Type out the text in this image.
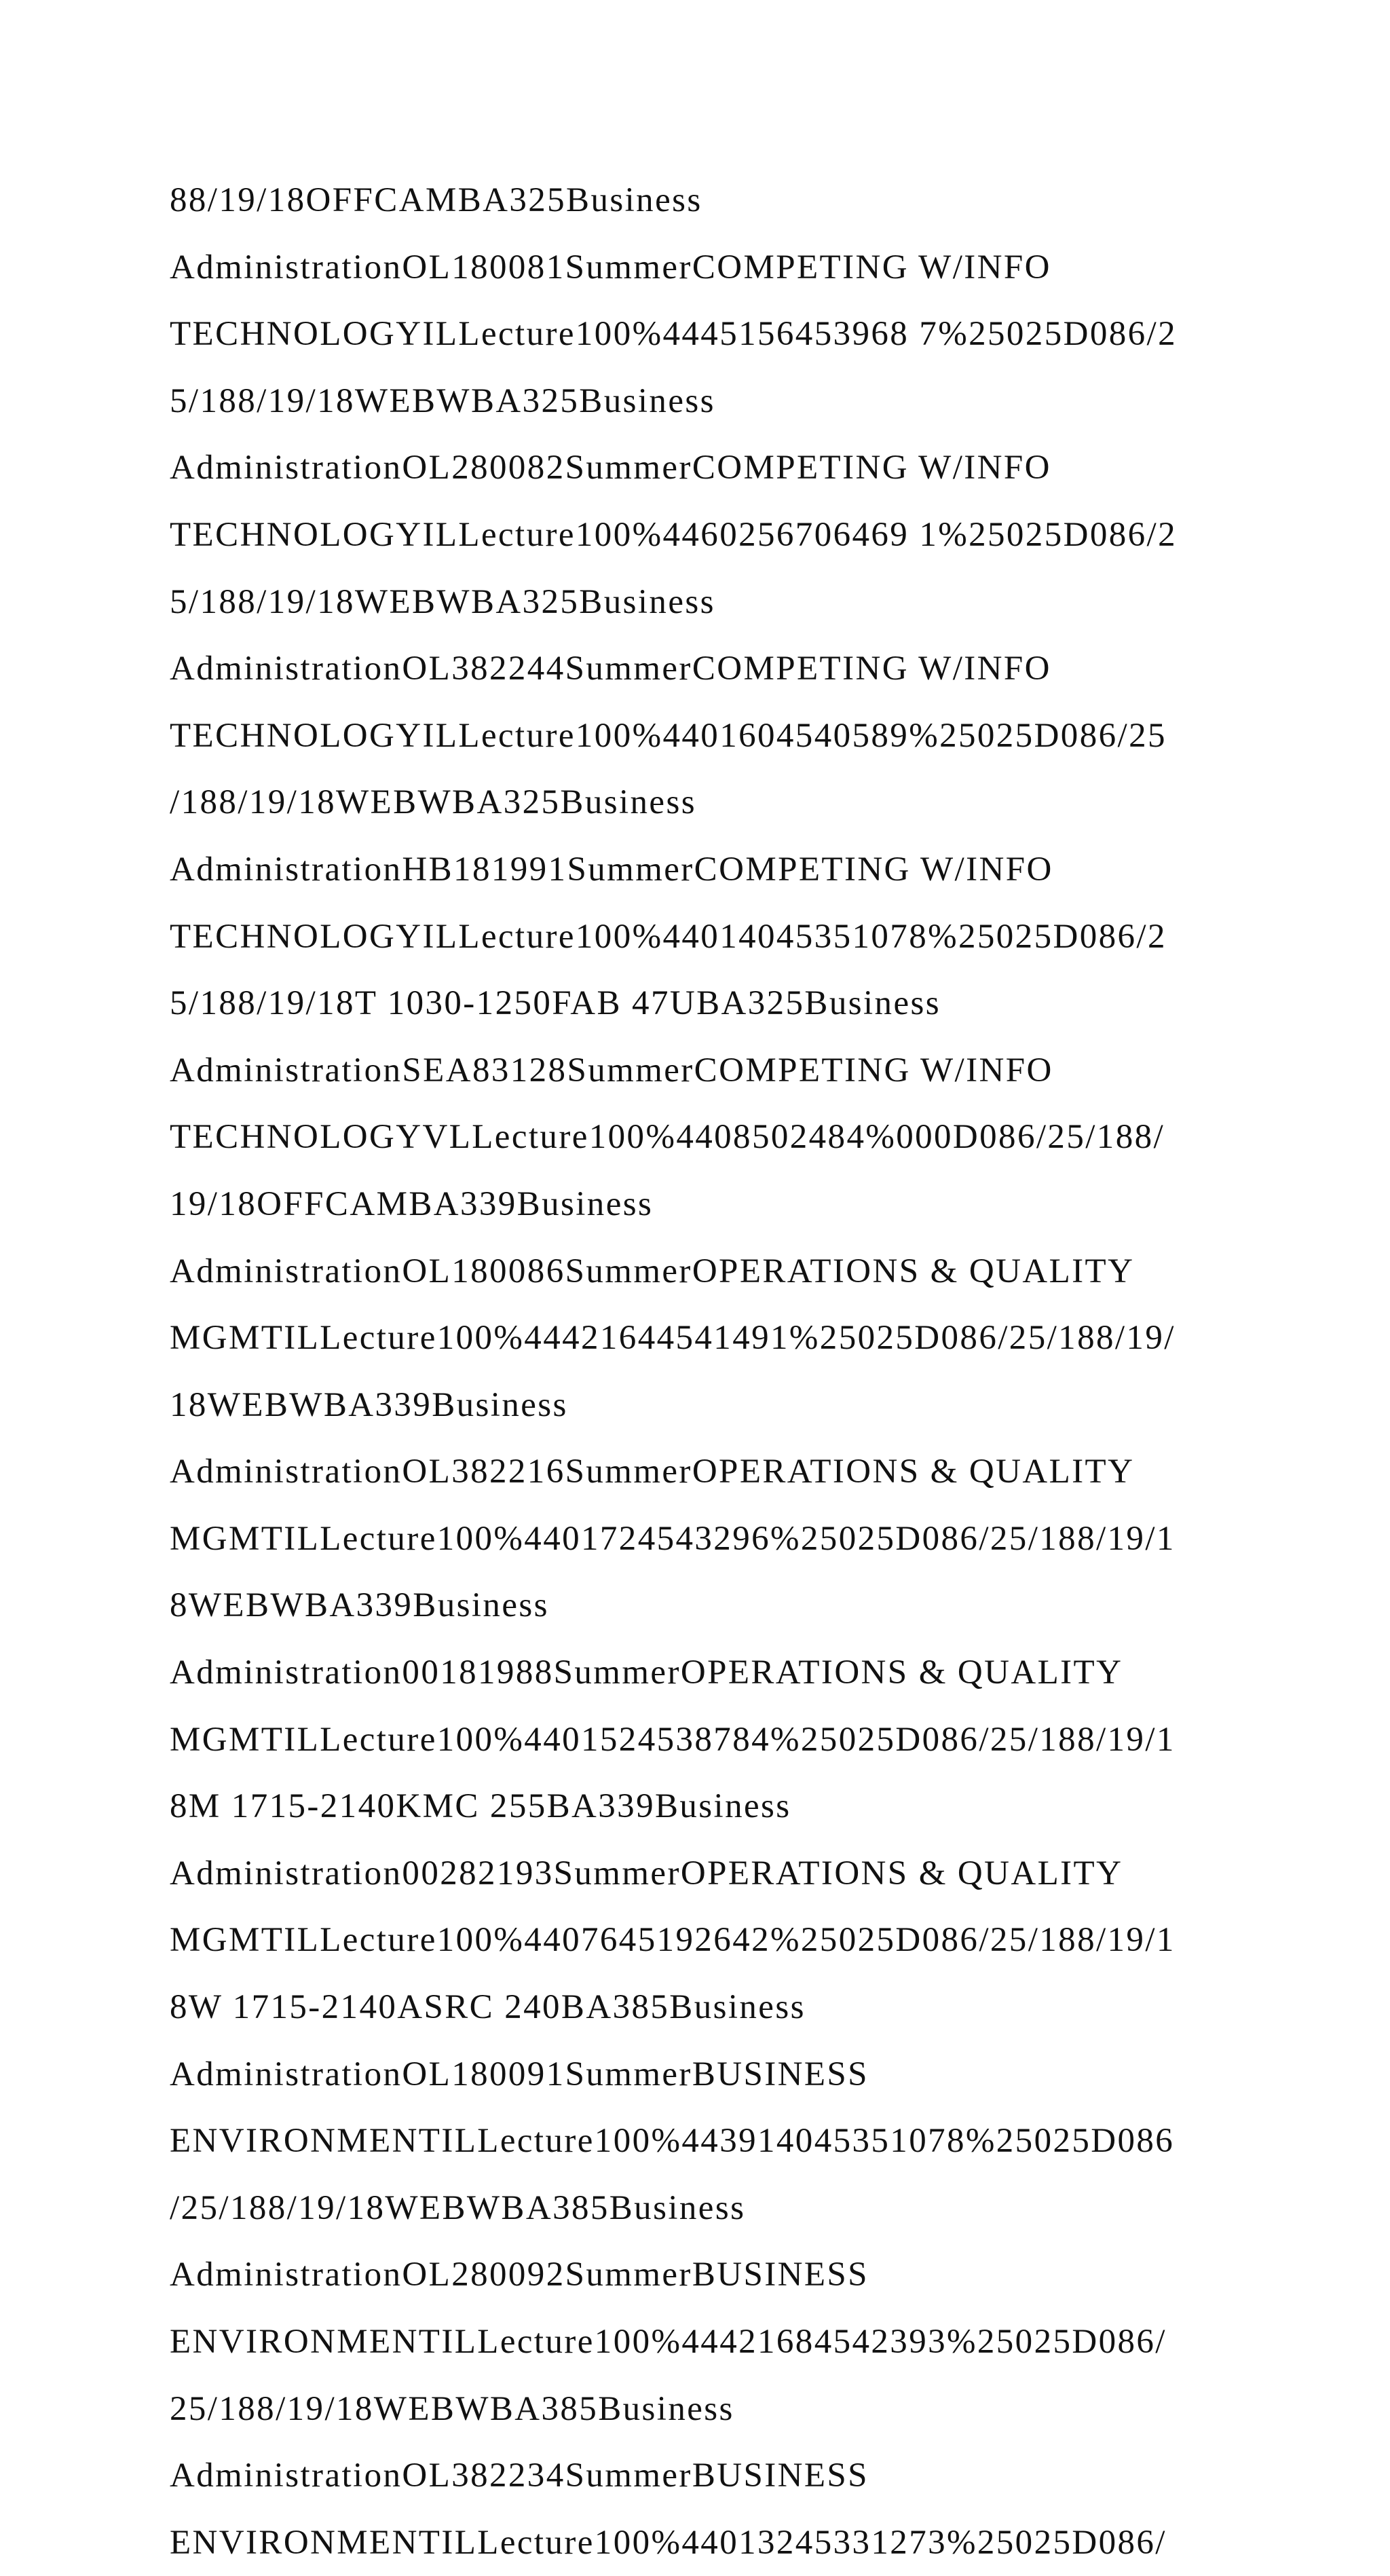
88/19/18OFFCAMBA325Business
AdministrationOL180081SummerCOMPETING W/INFO
TECHNOLOGYILLecture100%4445156453968 7%25025D086/2
5/188/19/18WEBWBA325Business
AdministrationOL280082SummerCOMPETING W/INFO
TECHNOLOGYILLecture100%4460256706469 1%25025D086/2
5/188/19/18WEBWBA325Business
AdministrationOL382244SummerCOMPETING W/INFO
TECHNOLOGYILLecture100%4401604540589%25025D086/25
/188/19/18WEBWBA325Business
AdministrationHB181991SummerCOMPETING W/INFO
TECHNOLOGYILLecture100%44014045351078%25025D086/2
5/188/19/18T 1030-1250FAB 47UBA325Business
AdministrationSEA83128SummerCOMPETING W/INFO
TECHNOLOGYVLLecture100%4408502484%000D086/25/188/
19/18OFFCAMBA339Business
AdministrationOL180086SummerOPERATIONS & QUALITY
MGMTILLecture100%44421644541491%25025D086/25/188/19/
18WEBWBA339Business
AdministrationOL382216SummerOPERATIONS & QUALITY
MGMTILLecture100%4401724543296%25025D086/25/188/19/1
8WEBWBA339Business
Administration00181988SummerOPERATIONS & QUALITY
MGMTILLecture100%4401524538784%25025D086/25/188/19/1
8M 1715-2140KMC 255BA339Business
Administration00282193SummerOPERATIONS & QUALITY
MGMTILLecture100%4407645192642%25025D086/25/188/19/1
8W 1715-2140ASRC 240BA385Business
AdministrationOL180091SummerBUSINESS
ENVIRONMENTILLecture100%443914045351078%25025D086
/25/188/19/18WEBWBA385Business
AdministrationOL280092SummerBUSINESS
ENVIRONMENTILLecture100%44421684542393%25025D086/
25/188/19/18WEBWBA385Business
AdministrationOL382234SummerBUSINESS
ENVIRONMENTILLecture100%44013245331273%25025D086/
